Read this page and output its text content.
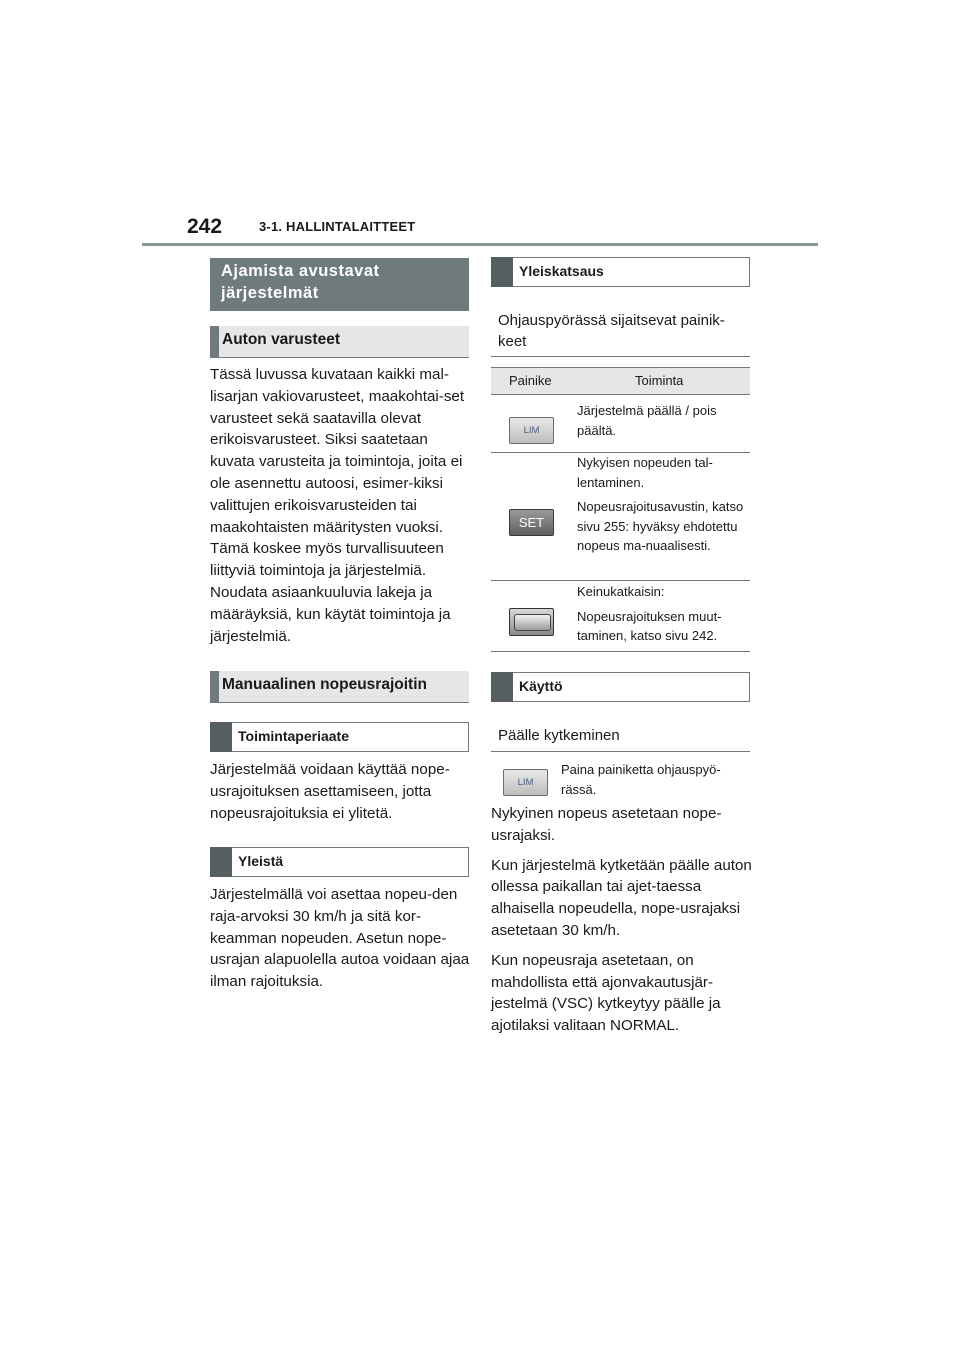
242	3-1. HALLINTALAITTEET
Ajamista avustavat
järjestelmät
Auton varusteet

Tässä luvussa kuvataan kaikki mal-lisarjan vakiovarusteet, maakohtai-set varusteet sekä saatavilla olevat erikoisvarusteet. Siksi saatetaan kuvata varusteita ja toimintoja, joita ei ole asennettu autoosi, esimer-kiksi valittujen erikoisvarusteiden tai maakohtaisten määritysten vuoksi. Tämä koskee myös turvallisuuteen liittyviä toimintoja ja järjestelmiä. Noudata asiaankuuluvia lakeja ja määräyksiä, kun käytät toimintoja ja järjestelmiä.

Manuaalinen nopeusrajoitin
Toimintaperiaate

Järjestelmää voidaan käyttää nope-usrajoituksen asettamiseen, jotta nopeusrajoituksia ei ylitetä.

Yleistä

Järjestelmällä voi asettaa nopeu-den raja-arvoksi 30 km/h ja sitä kor-keamman nopeuden. Asetun nope-usrajan alapuolella autoa voidaan ajaa ilman rajoituksia.

Yleiskatsaus
Ohjauspyörässä sijaitsevat painik-keet
Painike	Toiminta
LIM

Järjestelmä päällä / pois päältä.

SET

Nykyisen nopeuden tal-lentaminen.

Nopeusrajoitusavustin, katso sivu 255: hyväksy ehdotettu nopeus ma-nuaalisesti.

Keinukatkaisin:

Nopeusrajoituksen muut-taminen, katso sivu 242.

Käyttö
Päälle kytkeminen
LIM
Paina painiketta ohjauspyö-rässä.

Nykyinen nopeus asetetaan nope-usrajaksi.

Kun järjestelmä kytketään päälle auton ollessa paikallan tai ajet-taessa alhaisella nopeudella, nope-usrajaksi asetetaan 30 km/h.

Kun nopeusraja asetetaan, on mahdollista että ajonvakautusjär-jestelmä (VSC) kytkeytyy päälle ja ajotilaksi valitaan NORMAL.
